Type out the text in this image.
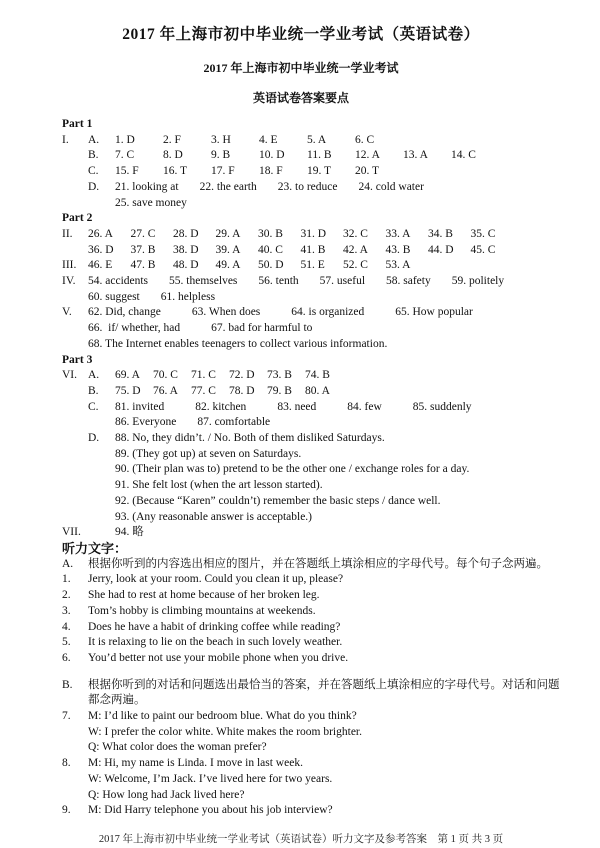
2017 年上海市初中毕业统一学业考试（英语试卷）
2017 年上海市初中毕业统一学业考试
英语试卷答案要点
Part 1
I.	A.	1. D	2. F	3. H	4. E	5. A	6. C
B.	7. C	8. D	9. B	10. D	11. B	12. A	13. A	14. C
C.	15. F	16. T	17. F	18. F	19. T	20. T
D.	21. looking at 22. the earth 23. to reduce 24. cold water
25. save money
Part 2
II.	26. A	27. C	28. D	29. A	30. B	31. D	32. C	33. A	34. B	35. C
36. D	37. B	38. D	39. A	40. C	41. B	42. A	43. B	44. D	45. C
III.	46. E	47. B	48. D	49. A	50. D	51. E	52. C	53. A
IV.	54. accidents 55. themselves 56. tenth 57. useful 58. safety 59. politely
60. suggest 61. helpless
V.	62. Did, change	63. When does	64. is organized	65. How popular
66.  if/ whether, had	67. bad for harmful to
68. The Internet enables teenagers to collect various information.
Part 3
VI. A.	69. A	70. C	71. C	72. D	73. B	74. B
B.	75. D	76. A	77. C	78. D	79. B	80. A
C.	81. invited	82. kitchen	83. need	84. few	85. suddenly
86. Everyone 87. comfortable
D.	88. No, they didn’t. / No. Both of them disliked Saturdays.
89. (They got up) at seven on Saturdays.
90. (Their plan was to) pretend to be the other one / exchange roles for a day.
91. She felt lost (when the art lesson started).
92. (Because “Karen” couldn’t) remember the basic steps / dance well.
93. (Any reasonable answer is acceptable.)
VII.	94. 略
听力文字：
A.	根据你听到的内容选出相应的图片，并在答题纸上填涂相应的字母代号。每个句子念两遍。
1.	Jerry, look at your room. Could you clean it up, please?
2.	She had to rest at home because of her broken leg.
3.	Tom’s hobby is climbing mountains at weekends.
4.	Does he have a habit of drinking coffee while reading?
5.	It is relaxing to lie on the beach in such lovely weather.
6.	You’d better not use your mobile phone when you drive.
B.	根据你听到的对话和问题选出最恰当的答案，并在答题纸上填涂相应的字母代号。对话和问题都念两遍。
7.	M: I’d like to paint our bedroom blue. What do you think?
W: I prefer the color white. White makes the room brighter.
Q: What color does the woman prefer?
8.	M: Hi, my name is Linda. I move in last week.
W: Welcome, I’m Jack. I’ve lived here for two years.
Q: How long had Jack lived here?
9.	M: Did Harry telephone you about his job interview?
2017 年上海市初中毕业统一学业考试（英语试卷）听力文字及参考答案　第 1 页 共 3 页
